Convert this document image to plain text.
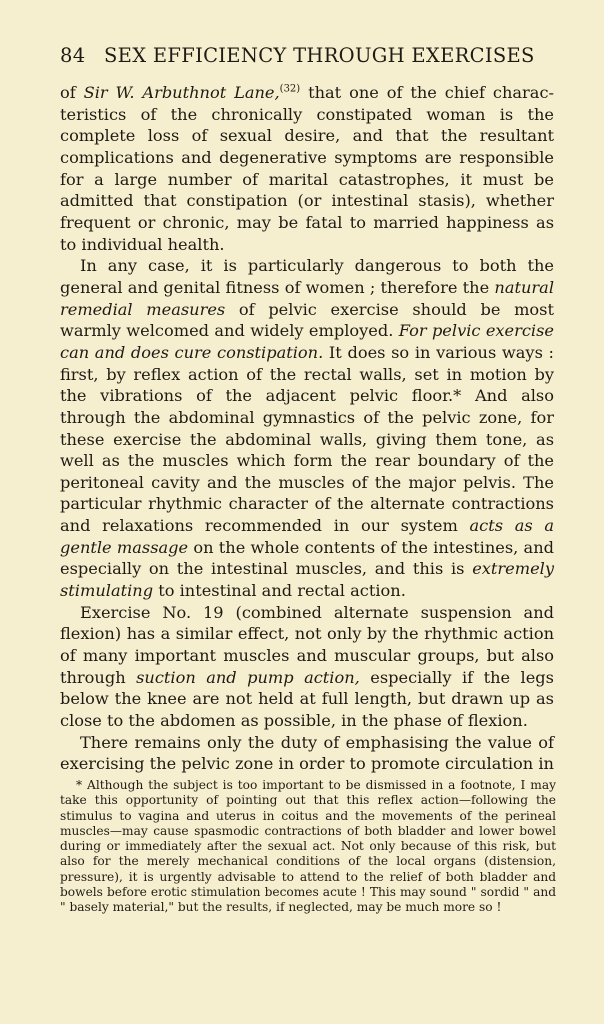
84 SEX EFFICIENCY THROUGH EXERCISES

of Sir W. Arbuthnot Lane,$^{(32)}$ that one of the chief characteristics of the chronically constipated woman is the complete loss of sexual desire, and that the resultant complications and degenerative symptoms are responsible for a large number of marital catastrophes, it must be admitted that constipation (or intestinal stasis), whether frequent or chronic, may be fatal to married happiness as to individual health.

In any case, it is particularly dangerous to both the general and genital fitness of women ; therefore the natural remedial measures of pelvic exercise should be most warmly welcomed and widely employed. For pelvic exercise can and does cure constipation. It does so in various ways : first, by reflex action of the rectal walls, set in motion by the vibrations of the adjacent pelvic floor.* And also through the abdominal gymnastics of the pelvic zone, for these exercise the abdominal walls, giving them tone, as well as the muscles which form the rear boundary of the peritoneal cavity and the muscles of the major pelvis. The particular rhythmic character of the alternate contractions and relaxations recommended in our system acts as a gentle massage on the whole contents of the intestines, and especially on the intestinal muscles, and this is extremely stimulating to intestinal and rectal action.

Exercise No. 19 (combined alternate suspension and flexion) has a similar effect, not only by the rhythmic action of many important muscles and muscular groups, but also through suction and pump action, especially if the legs below the knee are not held at full length, but drawn up as close to the abdomen as possible, in the phase of flexion.

There remains only the duty of emphasising the value of exercising the pelvic zone in order to promote circulation in

* Although the subject is too important to be dismissed in a footnote, I may take this opportunity of pointing out that this reflex action—following the stimulus to vagina and uterus in coitus and the movements of the perineal muscles—may cause spasmodic contractions of both bladder and lower bowel during or immediately after the sexual act. Not only because of this risk, but also for the merely mechanical conditions of the local organs (distension, pressure), it is urgently advisable to attend to the relief of both bladder and bowels before erotic stimulation becomes acute ! This may sound " sordid " and " basely material," but the results, if neglected, may be much more so !
